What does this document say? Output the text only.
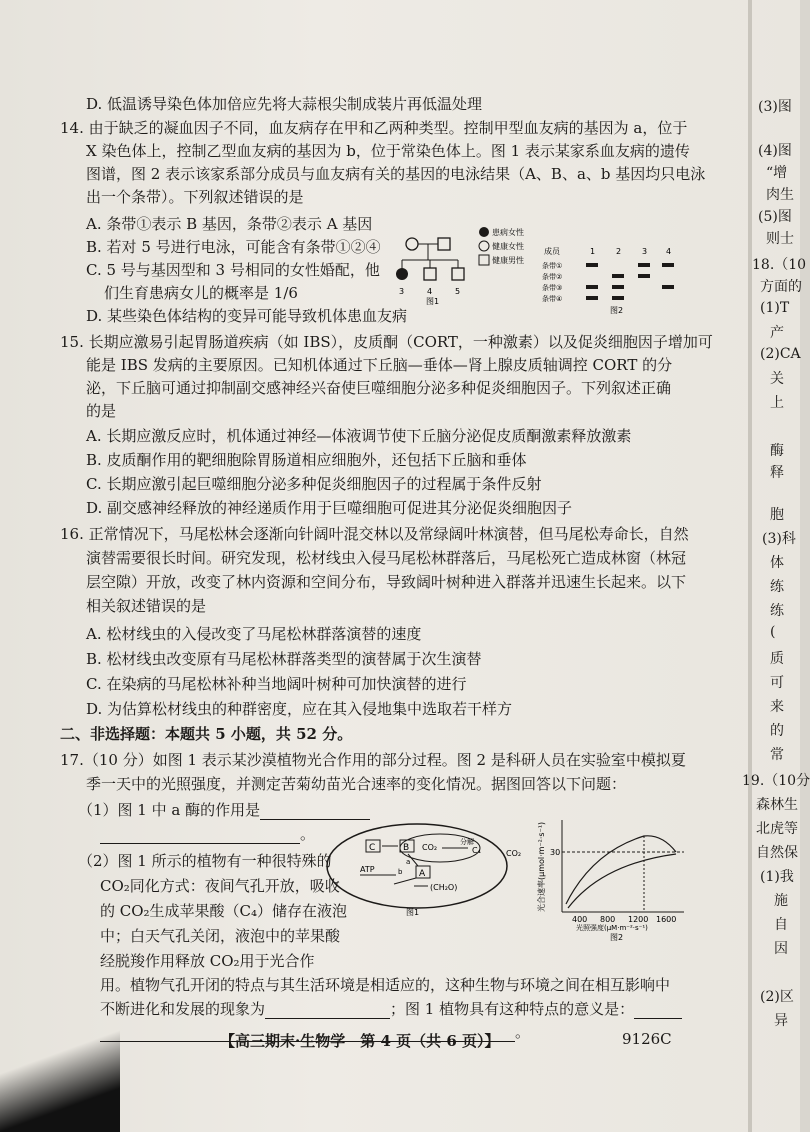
D. 低温诱导染色体加倍应先将大蒜根尖制成装片再低温处理
14. 由于缺乏的凝血因子不同，血友病存在甲和乙两种类型。控制甲型血友病的基因为 a，位于
X 染色体上，控制乙型血友病的基因为 b，位于常染色体上。图 1 表示某家系血友病的遗传
图谱，图 2 表示该家系部分成员与血友病有关的基因的电泳结果（A、B、a、b 基因均只电泳
出一个条带）。下列叙述错误的是
A. 条带①表示 B 基因，条带②表示 A 基因
B. 若对 5 号进行电泳，可能含有条带①②④
C. 5 号与基因型和 3 号相同的女性婚配，他
们生育患病女儿的概率是 1/6
D. 某些染色体结构的变异可能导致机体患血友病
3	4	5
图1
患病女性
健康女性
健康男性
成员	1	2	3 4
条带①
条带②
条带③
条带④
图2
15. 长期应激易引起胃肠道疾病（如 IBS），皮质酮（CORT，一种激素）以及促炎细胞因子增加可
能是 IBS 发病的主要原因。已知机体通过下丘脑—垂体—肾上腺皮质轴调控 CORT 的分
泌，下丘脑可通过抑制副交感神经兴奋使巨噬细胞分泌多种促炎细胞因子。下列叙述正确
的是
A. 长期应激反应时，机体通过神经—体液调节使下丘脑分泌促皮质酮激素释放激素
B. 皮质酮作用的靶细胞除胃肠道相应细胞外，还包括下丘脑和垂体
C. 长期应激引起巨噬细胞分泌多种促炎细胞因子的过程属于条件反射
D. 副交感神经释放的神经递质作用于巨噬细胞可促进其分泌促炎细胞因子
16. 正常情况下，马尾松林会逐渐向针阔叶混交林以及常绿阔叶林演替，但马尾松寿命长，自然
演替需要很长时间。研究发现，松材线虫入侵马尾松林群落后，马尾松死亡造成林窗（林冠
层空隙）开放，改变了林内资源和空间分布，导致阔叶树种进入群落并迅速生长起来。以下
相关叙述错误的是
A. 松材线虫的入侵改变了马尾松林群落演替的速度
B. 松材线虫改变原有马尾松林群落类型的演替属于次生演替
C. 在染病的马尾松林补种当地阔叶树种可加快演替的进行
D. 为估算松材线虫的种群密度，应在其入侵地集中选取若干样方
二、非选择题：本题共 5 小题，共 52 分。
17.（10 分）如图 1 表示某沙漠植物光合作用的部分过程。图 2 是科研人员在实验室中模拟夏
季一天中的光照强度，并测定苦菊幼苗光合速率的变化情况。据图回答以下问题：
（1）图 1 中 a 酶的作用是
。
（2）图 1 所示的植物有一种很特殊的
CO₂同化方式：夜间气孔开放，吸收
的 CO₂生成苹果酸（C₄）储存在液泡
中；白天气孔关闭，液泡中的苹果酸
经脱羧作用释放 CO₂用于光合作
用。植物气孔开闭的特点与其生活环境是相适应的，这种生物与环境之间在相互影响中
不断进化和发展的现象为	；图 1 植物具有这种特点的意义是：
。
C	B
A
CO₂
分解
C₄
ATP	b
a
(CH₂O)
CO₂
图1
光合速率(μmol·m⁻²·s⁻¹) 30
400 800 1200 1600
光照强度(μM·m⁻²·s⁻¹)
图2
(3)图
(4)图
“增
肉生
(5)图
则士
18.（10
方面的
(1)T
产
(2)CA
关
上
酶
释
胞
(3)科
体
练
练
(
质
可
来
的
常
19.（10分
森林生
北虎等
自然保
(1)我
施
自
因
(2)区
异
【高三期末·生物学　第 4 页（共 6 页）】	9126C
